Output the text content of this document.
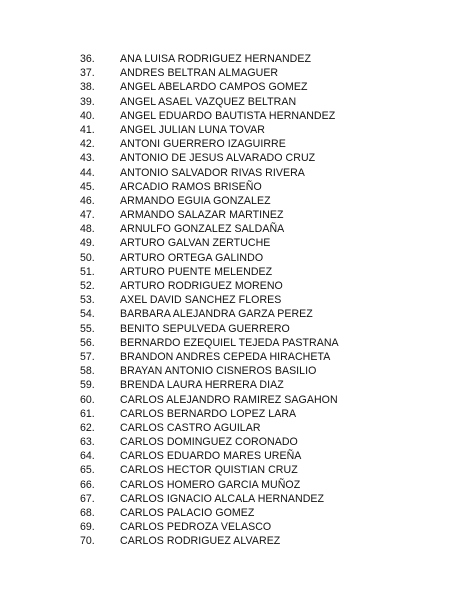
36.	ANA LUISA RODRIGUEZ HERNANDEZ
37.	ANDRES BELTRAN ALMAGUER
38.	ANGEL ABELARDO CAMPOS GOMEZ
39.	ANGEL ASAEL VAZQUEZ BELTRAN
40.	ANGEL EDUARDO BAUTISTA HERNANDEZ
41.	ANGEL JULIAN LUNA TOVAR
42.	ANTONI GUERRERO IZAGUIRRE
43.	ANTONIO DE JESUS ALVARADO CRUZ
44.	ANTONIO SALVADOR RIVAS RIVERA
45.	ARCADIO RAMOS BRISEÑO
46.	ARMANDO EGUIA GONZALEZ
47.	ARMANDO SALAZAR MARTINEZ
48.	ARNULFO GONZALEZ SALDAÑA
49.	ARTURO GALVAN ZERTUCHE
50.	ARTURO ORTEGA GALINDO
51.	ARTURO PUENTE MELENDEZ
52.	ARTURO RODRIGUEZ MORENO
53.	AXEL DAVID SANCHEZ FLORES
54.	BARBARA ALEJANDRA GARZA PEREZ
55.	BENITO SEPULVEDA GUERRERO
56.	BERNARDO EZEQUIEL TEJEDA PASTRANA
57.	BRANDON ANDRES CEPEDA HIRACHETA
58.	BRAYAN ANTONIO CISNEROS BASILIO
59.	BRENDA LAURA HERRERA DIAZ
60.	CARLOS ALEJANDRO RAMIREZ SAGAHON
61.	CARLOS BERNARDO LOPEZ LARA
62.	CARLOS CASTRO AGUILAR
63.	CARLOS DOMINGUEZ CORONADO
64.	CARLOS EDUARDO MARES UREÑA
65.	CARLOS HECTOR QUISTIAN CRUZ
66.	CARLOS HOMERO GARCIA MUÑOZ
67.	CARLOS IGNACIO ALCALA HERNANDEZ
68.	CARLOS PALACIO GOMEZ
69.	CARLOS PEDROZA VELASCO
70.	CARLOS RODRIGUEZ ALVAREZ
